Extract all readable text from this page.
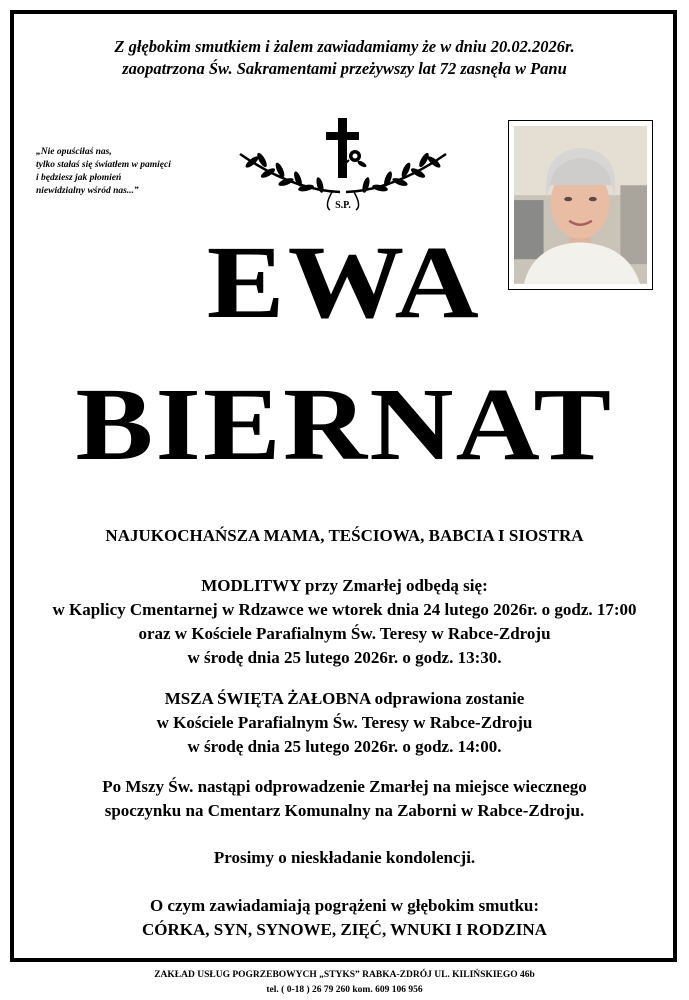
Z głębokim smutkiem i żalem zawiadamiamy że w dniu 20.02.2026r.
zaopatrzona Św. Sakramentami przeżywszy lat 72 zasnęła w Panu
„Nie opuściłaś nas,
tylko stałaś się światłem w pamięci
i będziesz jak płomień
niewidzialny wśród nas...”
S.P.
EWA
BIERNAT
NAJUKOCHAŃSZA MAMA, TEŚCIOWA, BABCIA I SIOSTRA
MODLITWY przy Zmarłej odbędą się:
w Kaplicy Cmentarnej w Rdzawce we wtorek dnia 24 lutego 2026r. o godz. 17:00
oraz w Kościele Parafialnym Św. Teresy w Rabce-Zdroju
w środę dnia 25 lutego 2026r. o godz. 13:30.
MSZA ŚWIĘTA ŻAŁOBNA odprawiona zostanie
w Kościele Parafialnym Św. Teresy w Rabce-Zdroju
w środę dnia 25 lutego 2026r. o godz. 14:00.
Po Mszy Św. nastąpi odprowadzenie Zmarłej na miejsce wiecznego
spoczynku na Cmentarz Komunalny na Zaborni w Rabce-Zdroju.
Prosimy o nieskładanie kondolencji.
O czym zawiadamiają pogrążeni w głębokim smutku:
CÓRKA, SYN, SYNOWE, ZIĘĆ, WNUKI I RODZINA
ZAKŁAD USŁUG POGRZEBOWYCH „STYKS” RABKA-ZDRÓJ UL. KILIŃSKIEGO 46b
tel. ( 0-18 ) 26 79 260 kom. 609 106 956
